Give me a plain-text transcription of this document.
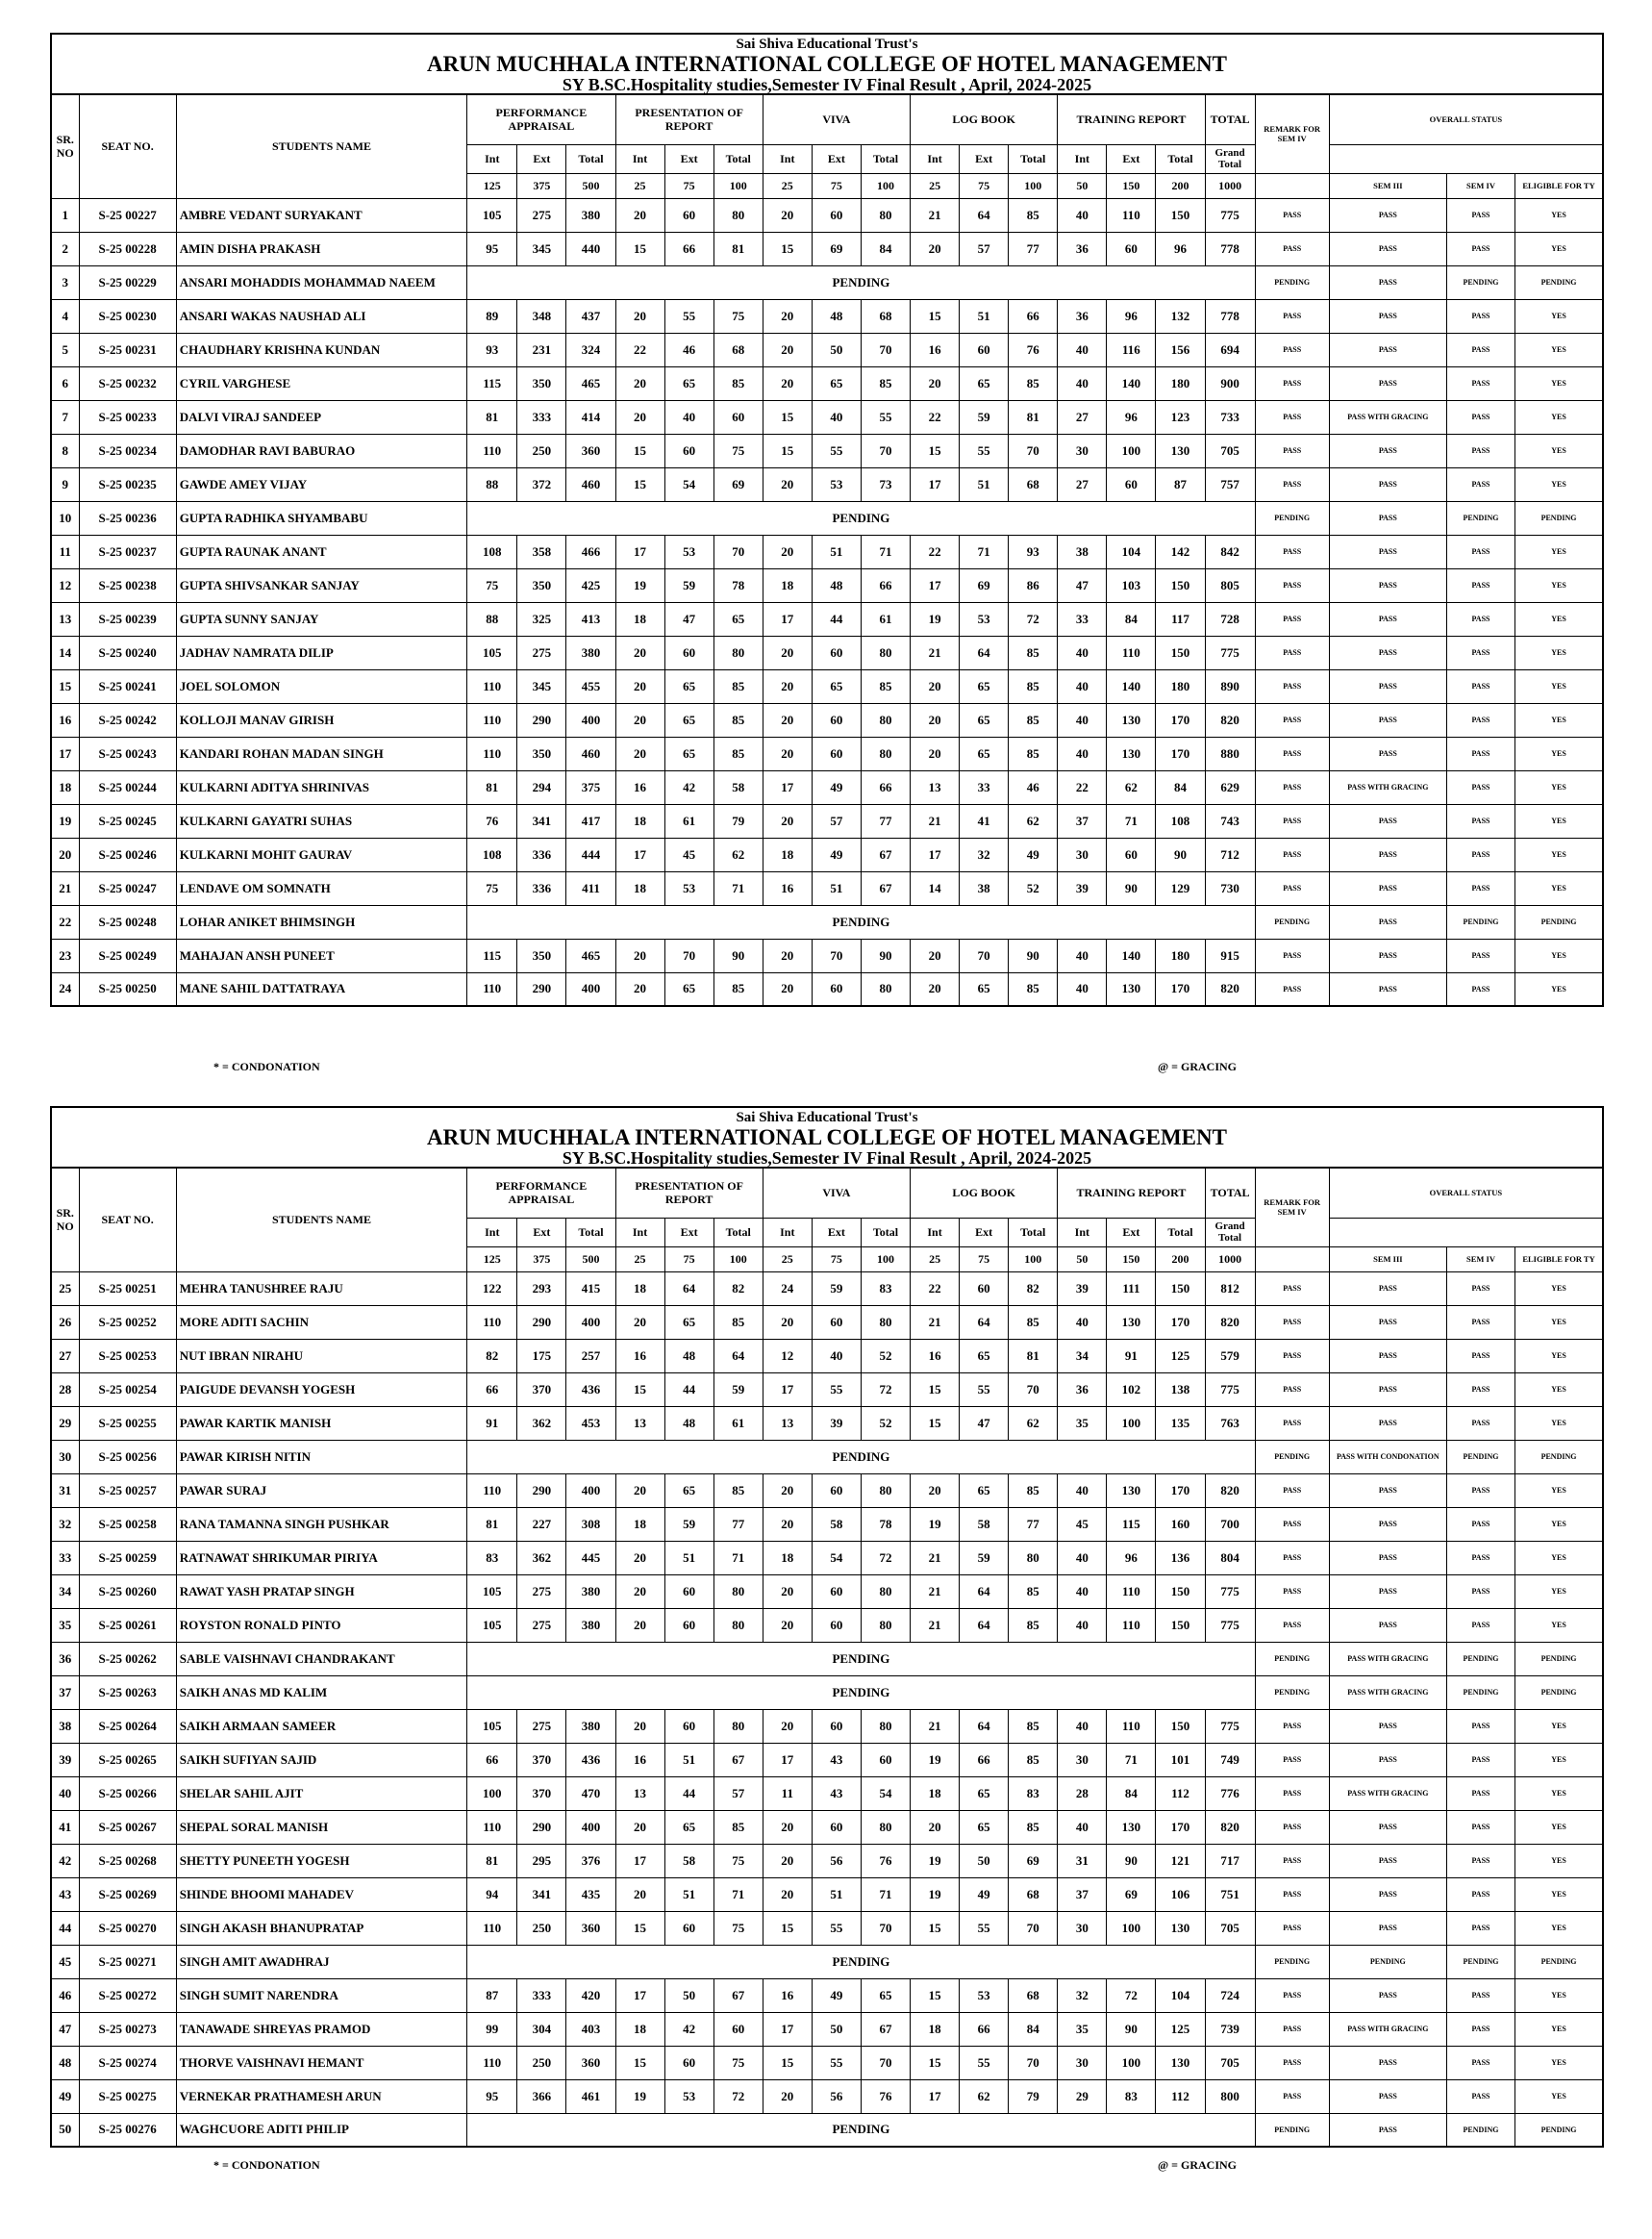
Sai Shiva Educational Trust's
ARUN MUCHHALA INTERNATIONAL COLLEGE OF HOTEL MANAGEMENT
SY B.SC.Hospitality studies,Semester IV Final Result , April, 2024-2025
SR. NO	SEAT NO.	STUDENTS NAME	PERFORMANCE APPRAISAL			PRESENTATION OF REPORT			VIVA			LOG BOOK			TRAINING REPORT			TOTAL	REMARK FOR SEM IV	OVERALL STATUS		
			Int	Ext	Total	Int	Ext	Total	Int	Ext	Total	Int	Ext	Total	Int	Ext	Total	Grand Total				
			125	375	500	25	75	100	25	75	100	25	75	100	50	150	200	1000		SEM III	SEM IV	ELIGIBLE FOR TY
1	S-25 00227	AMBRE VEDANT SURYAKANT	105	275	380	20	60	80	20	60	80	21	64	85	40	110	150	775	PASS	PASS	PASS	YES
2	S-25 00228	AMIN DISHA PRAKASH	95	345	440	15	66	81	15	69	84	20	57	77	36	60	96	778	PASS	PASS	PASS	YES
3	S-25 00229	ANSARI MOHADDIS MOHAMMAD NAEEM	PENDING																PENDING	PASS	PENDING	PENDING
4	S-25 00230	ANSARI WAKAS NAUSHAD ALI	89	348	437	20	55	75	20	48	68	15	51	66	36	96	132	778	PASS	PASS	PASS	YES
5	S-25 00231	CHAUDHARY KRISHNA KUNDAN	93	231	324	22	46	68	20	50	70	16	60	76	40	116	156	694	PASS	PASS	PASS	YES
6	S-25 00232	CYRIL VARGHESE	115	350	465	20	65	85	20	65	85	20	65	85	40	140	180	900	PASS	PASS	PASS	YES
7	S-25 00233	DALVI VIRAJ SANDEEP	81	333	414	20	40	60	15	40	55	22	59	81	27	96	123	733	PASS	PASS WITH GRACING	PASS	YES
8	S-25 00234	DAMODHAR RAVI BABURAO	110	250	360	15	60	75	15	55	70	15	55	70	30	100	130	705	PASS	PASS	PASS	YES
9	S-25 00235	GAWDE AMEY VIJAY	88	372	460	15	54	69	20	53	73	17	51	68	27	60	87	757	PASS	PASS	PASS	YES
10	S-25 00236	GUPTA RADHIKA SHYAMBABU	PENDING																PENDING	PASS	PENDING	PENDING
11	S-25 00237	GUPTA RAUNAK ANANT	108	358	466	17	53	70	20	51	71	22	71	93	38	104	142	842	PASS	PASS	PASS	YES
12	S-25 00238	GUPTA SHIVSANKAR SANJAY	75	350	425	19	59	78	18	48	66	17	69	86	47	103	150	805	PASS	PASS	PASS	YES
13	S-25 00239	GUPTA SUNNY SANJAY	88	325	413	18	47	65	17	44	61	19	53	72	33	84	117	728	PASS	PASS	PASS	YES
14	S-25 00240	JADHAV NAMRATA DILIP	105	275	380	20	60	80	20	60	80	21	64	85	40	110	150	775	PASS	PASS	PASS	YES
15	S-25 00241	JOEL SOLOMON	110	345	455	20	65	85	20	65	85	20	65	85	40	140	180	890	PASS	PASS	PASS	YES
16	S-25 00242	KOLLOJI MANAV GIRISH	110	290	400	20	65	85	20	60	80	20	65	85	40	130	170	820	PASS	PASS	PASS	YES
17	S-25 00243	KANDARI ROHAN MADAN SINGH	110	350	460	20	65	85	20	60	80	20	65	85	40	130	170	880	PASS	PASS	PASS	YES
18	S-25 00244	KULKARNI ADITYA SHRINIVAS	81	294	375	16	42	58	17	49	66	13	33	46	22	62	84	629	PASS	PASS WITH GRACING	PASS	YES
19	S-25 00245	KULKARNI GAYATRI SUHAS	76	341	417	18	61	79	20	57	77	21	41	62	37	71	108	743	PASS	PASS	PASS	YES
20	S-25 00246	KULKARNI MOHIT GAURAV	108	336	444	17	45	62	18	49	67	17	32	49	30	60	90	712	PASS	PASS	PASS	YES
21	S-25 00247	LENDAVE OM SOMNATH	75	336	411	18	53	71	16	51	67	14	38	52	39	90	129	730	PASS	PASS	PASS	YES
22	S-25 00248	LOHAR ANIKET BHIMSINGH	PENDING																PENDING	PASS	PENDING	PENDING
23	S-25 00249	MAHAJAN ANSH PUNEET	115	350	465	20	70	90	20	70	90	20	70	90	40	140	180	915	PASS	PASS	PASS	YES
24	S-25 00250	MANE SAHIL DATTATRAYA	110	290	400	20	65	85	20	60	80	20	65	85	40	130	170	820	PASS	PASS	PASS	YES
* = CONDONATION	@ = GRACING
Sai Shiva Educational Trust's
ARUN MUCHHALA INTERNATIONAL COLLEGE OF HOTEL MANAGEMENT
SY B.SC.Hospitality studies,Semester IV Final Result , April, 2024-2025
SR. NO	SEAT NO.	STUDENTS NAME	PERFORMANCE APPRAISAL			PRESENTATION OF REPORT			VIVA			LOG BOOK			TRAINING REPORT			TOTAL	REMARK FOR SEM IV	OVERALL STATUS		
			Int	Ext	Total	Int	Ext	Total	Int	Ext	Total	Int	Ext	Total	Int	Ext	Total	Grand Total				
			125	375	500	25	75	100	25	75	100	25	75	100	50	150	200	1000		SEM III	SEM IV	ELIGIBLE FOR TY
25	S-25 00251	MEHRA TANUSHREE RAJU	122	293	415	18	64	82	24	59	83	22	60	82	39	111	150	812	PASS	PASS	PASS	YES
26	S-25 00252	MORE ADITI SACHIN	110	290	400	20	65	85	20	60	80	21	64	85	40	130	170	820	PASS	PASS	PASS	YES
27	S-25 00253	NUT IBRAN NIRAHU	82	175	257	16	48	64	12	40	52	16	65	81	34	91	125	579	PASS	PASS	PASS	YES
28	S-25 00254	PAIGUDE DEVANSH YOGESH	66	370	436	15	44	59	17	55	72	15	55	70	36	102	138	775	PASS	PASS	PASS	YES
29	S-25 00255	PAWAR KARTIK MANISH	91	362	453	13	48	61	13	39	52	15	47	62	35	100	135	763	PASS	PASS	PASS	YES
30	S-25 00256	PAWAR KIRISH NITIN	PENDING																PENDING	PASS WITH CONDONATION	PENDING	PENDING
31	S-25 00257	PAWAR SURAJ	110	290	400	20	65	85	20	60	80	20	65	85	40	130	170	820	PASS	PASS	PASS	YES
32	S-25 00258	RANA TAMANNA SINGH PUSHKAR	81	227	308	18	59	77	20	58	78	19	58	77	45	115	160	700	PASS	PASS	PASS	YES
33	S-25 00259	RATNAWAT SHRIKUMAR PIRIYA	83	362	445	20	51	71	18	54	72	21	59	80	40	96	136	804	PASS	PASS	PASS	YES
34	S-25 00260	RAWAT YASH PRATAP SINGH	105	275	380	20	60	80	20	60	80	21	64	85	40	110	150	775	PASS	PASS	PASS	YES
35	S-25 00261	ROYSTON RONALD PINTO	105	275	380	20	60	80	20	60	80	21	64	85	40	110	150	775	PASS	PASS	PASS	YES
36	S-25 00262	SABLE VAISHNAVI CHANDRAKANT	PENDING																PENDING	PASS WITH GRACING	PENDING	PENDING
37	S-25 00263	SAIKH ANAS MD KALIM	PENDING																PENDING	PASS WITH GRACING	PENDING	PENDING
38	S-25 00264	SAIKH ARMAAN SAMEER	105	275	380	20	60	80	20	60	80	21	64	85	40	110	150	775	PASS	PASS	PASS	YES
39	S-25 00265	SAIKH SUFIYAN SAJID	66	370	436	16	51	67	17	43	60	19	66	85	30	71	101	749	PASS	PASS	PASS	YES
40	S-25 00266	SHELAR SAHIL AJIT	100	370	470	13	44	57	11	43	54	18	65	83	28	84	112	776	PASS	PASS WITH GRACING	PASS	YES
41	S-25 00267	SHEPAL SORAL MANISH	110	290	400	20	65	85	20	60	80	20	65	85	40	130	170	820	PASS	PASS	PASS	YES
42	S-25 00268	SHETTY PUNEETH YOGESH	81	295	376	17	58	75	20	56	76	19	50	69	31	90	121	717	PASS	PASS	PASS	YES
43	S-25 00269	SHINDE BHOOMI MAHADEV	94	341	435	20	51	71	20	51	71	19	49	68	37	69	106	751	PASS	PASS	PASS	YES
44	S-25 00270	SINGH AKASH BHANUPRATAP	110	250	360	15	60	75	15	55	70	15	55	70	30	100	130	705	PASS	PASS	PASS	YES
45	S-25 00271	SINGH AMIT AWADHRAJ	PENDING																PENDING	PENDING	PENDING	PENDING
46	S-25 00272	SINGH SUMIT NARENDRA	87	333	420	17	50	67	16	49	65	15	53	68	32	72	104	724	PASS	PASS	PASS	YES
47	S-25 00273	TANAWADE SHREYAS PRAMOD	99	304	403	18	42	60	17	50	67	18	66	84	35	90	125	739	PASS	PASS WITH GRACING	PASS	YES
48	S-25 00274	THORVE VAISHNAVI HEMANT	110	250	360	15	60	75	15	55	70	15	55	70	30	100	130	705	PASS	PASS	PASS	YES
49	S-25 00275	VERNEKAR PRATHAMESH ARUN	95	366	461	19	53	72	20	56	76	17	62	79	29	83	112	800	PASS	PASS	PASS	YES
50	S-25 00276	WAGHCUORE ADITI PHILIP	PENDING																PENDING	PASS	PENDING	PENDING
* = CONDONATION	@ = GRACING
